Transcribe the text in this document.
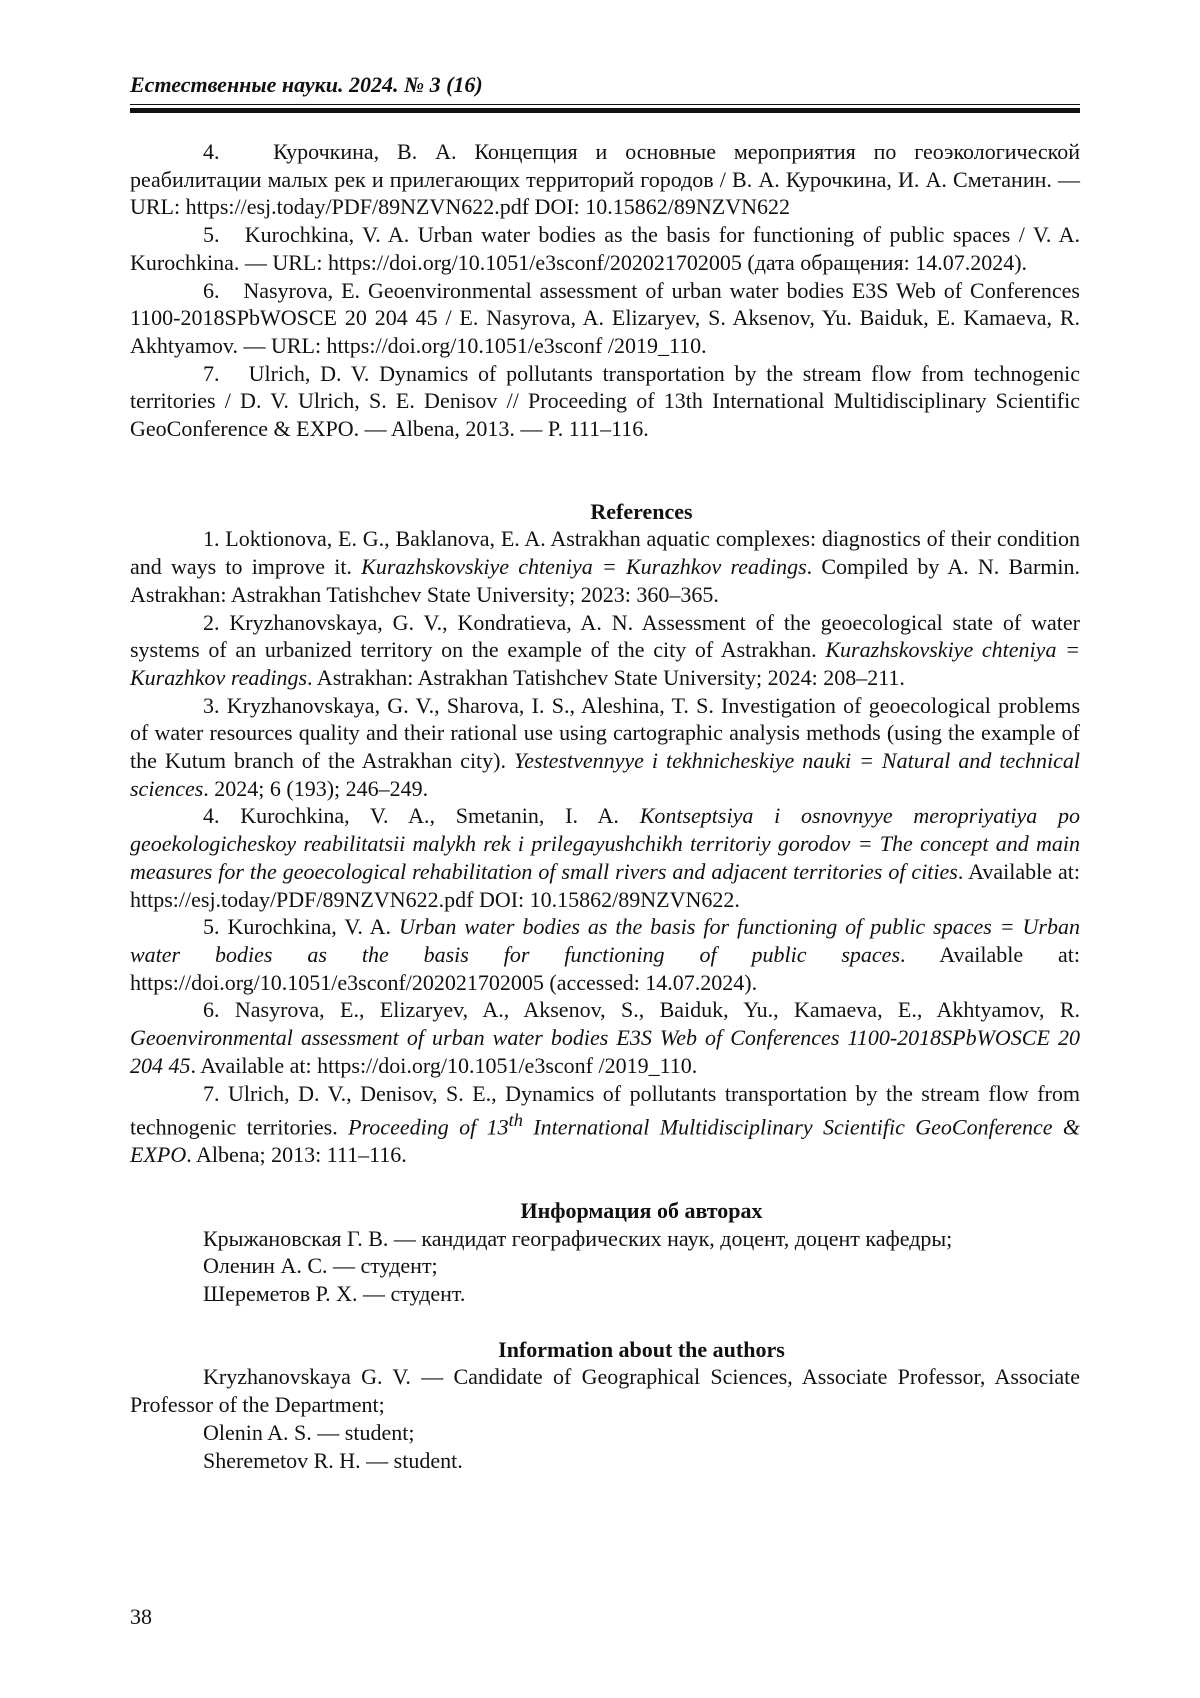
Естественные науки. 2024. № 3 (16)

4.   Курочкина, В. А. Концепция и основные мероприятия по геоэкологической реабилитации малых рек и прилегающих территорий городов / В. А. Курочкина, И. А. Сметанин. — URL: https://esj.today/PDF/89NZVN622.pdf DOI: 10.15862/89NZVN622

5.   Kurochkina, V. A. Urban water bodies as the basis for functioning of public spaces / V. A. Kurochkina. — URL: https://doi.org/10.1051/e3sconf/202021702005 (дата обращения: 14.07.2024).

6.   Nasyrova, E. Geoenvironmental assessment of urban water bodies E3S Web of Conferences 1100-2018SPbWOSCE 20 204 45 / E. Nasyrova, A. Elizaryev, S. Aksenov, Yu. Baiduk, E. Kamaeva, R. Akhtyamov. — URL: https://doi.org/10.1051/e3sconf /2019_110.

7.   Ulrich, D. V. Dynamics of pollutants transportation by the stream flow from technogenic territories / D. V. Ulrich, S. E. Denisov // Proceeding of 13th International Multidisciplinary Scientific GeoConference & EXPO. — Albena, 2013. — P. 111–116.

References

1. Loktionova, E. G., Baklanova, E. A. Astrakhan aquatic complexes: diagnostics of their condition and ways to improve it. Kurazhskovskiye chteniya = Kurazhkov readings. Compiled by A. N. Barmin. Astrakhan: Astrakhan Tatishchev State University; 2023: 360–365.

2. Kryzhanovskaya, G. V., Kondratieva, A. N. Assessment of the geoecological state of water systems of an urbanized territory on the example of the city of Astrakhan. Kurazhskovskiye chteniya = Kurazhkov readings. Astrakhan: Astrakhan Tatishchev State University; 2024: 208–211.

3. Kryzhanovskaya, G. V., Sharova, I. S., Aleshina, T. S. Investigation of geoecological problems of water resources quality and their rational use using cartographic analysis methods (using the example of the Kutum branch of the Astrakhan city). Yestestvennyye i tekhnicheskiye nauki = Natural and technical sciences. 2024; 6 (193); 246–249.

4. Kurochkina, V. A., Smetanin, I. A. Kontseptsiya i osnovnyye meropriyatiya po geoekologicheskoy reabilitatsii malykh rek i prilegayushchikh territoriy gorodov = The concept and main measures for the geoecological rehabilitation of small rivers and adjacent territories of cities. Available at: https://esj.today/PDF/89NZVN622.pdf DOI: 10.15862/89NZVN622.

5. Kurochkina, V. A. Urban water bodies as the basis for functioning of public spaces = Urban water bodies as the basis for functioning of public spaces. Available at: https://doi.org/10.1051/e3sconf/202021702005 (accessed: 14.07.2024).

6. Nasyrova, E., Elizaryev, A., Aksenov, S., Baiduk, Yu., Kamaeva, E., Akhtyamov, R. Geoenvironmental assessment of urban water bodies E3S Web of Conferences 1100-2018SPbWOSCE 20 204 45. Available at: https://doi.org/10.1051/e3sconf /2019_110.

7. Ulrich, D. V., Denisov, S. E., Dynamics of pollutants transportation by the stream flow from technogenic territories. Proceeding of 13th International Multidisciplinary Scientific GeoConference & EXPO. Albena; 2013: 111–116.

Информация об авторах

Крыжановская Г. В. — кандидат географических наук, доцент, доцент кафедры;

Оленин А. С. — студент;

Шереметов Р. Х. — студент.

Information about the authors

Kryzhanovskaya G. V. — Candidate of Geographical Sciences, Associate Professor, Associate Professor of the Department;

Olenin A. S. — student;

Sheremetov R. H. — student.

38
